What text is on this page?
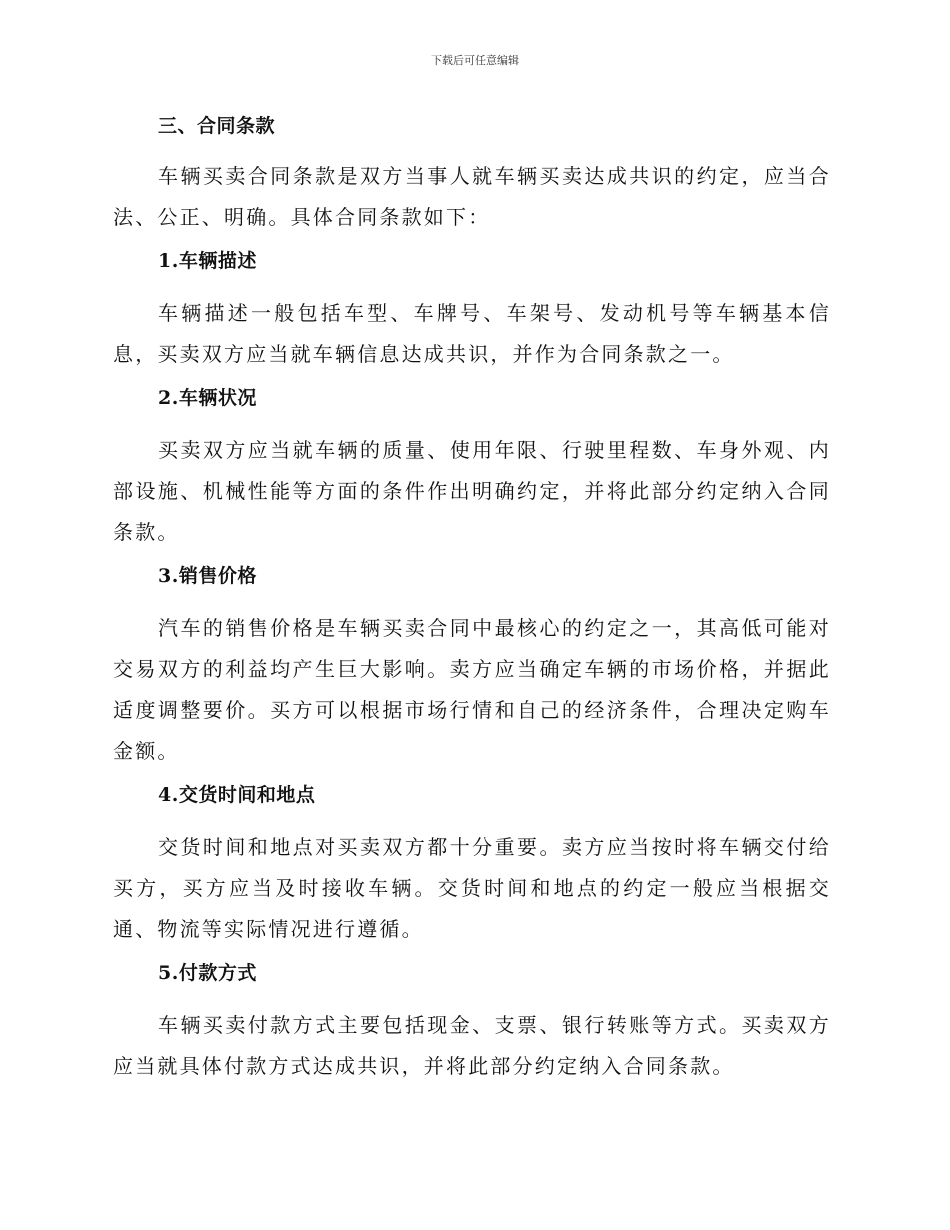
下载后可任意编辑
三、合同条款

车辆买卖合同条款是双方当事人就车辆买卖达成共识的约定，应当合法、公正、明确。具体合同条款如下：

1.车辆描述

车辆描述一般包括车型、车牌号、车架号、发动机号等车辆基本信息，买卖双方应当就车辆信息达成共识，并作为合同条款之一。

2.车辆状况

买卖双方应当就车辆的质量、使用年限、行驶里程数、车身外观、内部设施、机械性能等方面的条件作出明确约定，并将此部分约定纳入合同条款。

3.销售价格

汽车的销售价格是车辆买卖合同中最核心的约定之一，其高低可能对交易双方的利益均产生巨大影响。卖方应当确定车辆的市场价格，并据此适度调整要价。买方可以根据市场行情和自己的经济条件，合理决定购车金额。

4.交货时间和地点

交货时间和地点对买卖双方都十分重要。卖方应当按时将车辆交付给买方，买方应当及时接收车辆。交货时间和地点的约定一般应当根据交通、物流等实际情况进行遵循。

5.付款方式

车辆买卖付款方式主要包括现金、支票、银行转账等方式。买卖双方应当就具体付款方式达成共识，并将此部分约定纳入合同条款。
